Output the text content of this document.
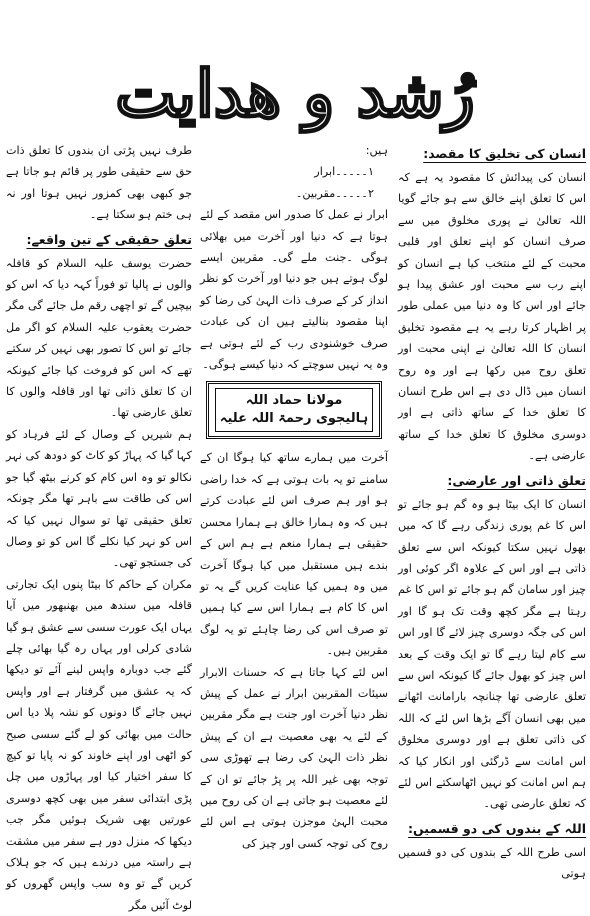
رُشد و ھدایت
انسان کی تخلیق کا مقصد:

انسان کی پیدائش کا مقصود یہ ہے کہ اس کا تعلق اپنے خالق سے ہو جائے گویا اللہ تعالیٰ نے پوری مخلوق میں سے صرف انسان کو اپنے تعلق اور قلبی محبت کے لئے منتخب کیا ہے انسان کو اپنے رب سے محبت اور عشق پیدا ہو جائے اور اس کا وہ دنیا میں عملی طور پر اظہار کرتا رہے یہ ہے مقصود تخلیق انسان کا اللہ تعالیٰ نے اپنی محبت اور تعلق روح میں رکھا ہے اور وہ روح انسان میں ڈال دی ہے اس طرح انسان کا تعلق خدا کے ساتھ ذاتی ہے اور دوسری مخلوق کا تعلق خدا کے ساتھ عارضی ہے۔

تعلق ذاتی اور عارضی:

انسان کا ایک بیٹا ہو وہ گم ہو جائے تو اس کا غم پوری زندگی رہے گا کہ میں بھول نہیں سکتا کیونکہ اس سے تعلق ذاتی ہے اور اس کے علاوہ اگر کوئی اور چیز اور سامان گم ہو جائے تو اس کا غم رہتا ہے مگر کچھ وقت تک ہو گا اور اس کی جگہ دوسری چیز لائے گا اور اس سے کام لیتا رہے گا تو ایک وقت کے بعد اس چیز کو بھول جائے گا کیونکہ اس سے تعلق عارضی تھا چنانچہ بارامانت اٹھانے میں بھی انسان آگے بڑھا اس لئے کہ اللہ کی ذاتی تعلق ہے اور دوسری مخلوق اس امانت سے ڈرگئی اور انکار کیا کہ ہم اس امانت کو نہیں اٹھاسکتے اس لئے کہ تعلق عارضی تھی۔

اللہ کے بندوں کی دو قسمیں:

اسی طرح اللہ کے بندوں کی دو قسمیں ہوتی

ہیں:

۱۔۔۔۔۔ابرار

۲۔۔۔۔۔مقربین۔

ابرار نے عمل کا صدور اس مقصد کے لئے ہوتا ہے کہ دنیا اور آخرت میں بھلائی ہوگی ۔جنت ملے گی۔ مقربین ایسے لوگ ہوتے ہیں جو دنیا اور آخرت کو نظر انداز کر کے صرف ذات الہیٰ کی رضا کو اپنا مقصود بنالیتے ہیں ان کی عبادت صرف خوشنودی رب کے لئے ہوتی ہے وہ یہ نہیں سوچتے کہ دنیا کیسے ہوگی۔

مولانا حماد اللہ ہالیجوی رحمۃ اللہ علیہ

آخرت میں ہمارے ساتھ کیا ہوگا ان کے سامنے تو یہ بات ہوتی ہے کہ خدا راضی ہو اور ہم صرف اس لئے عبادت کرتے ہیں کہ وہ ہمارا خالق ہے ہمارا محسن حقیقی ہے ہمارا منعم ہے ہم اس کے بندے ہیں مستقبل میں کیا ہوگا آخرت میں وہ ہمیں کیا عنایت کریں گے یہ تو اس کا کام ہے ہمارا اس سے کیا ہمیں تو صرف اس کی رضا چاہئے تو یہ لوگ مقربین ہیں۔

اس لئے کہا جاتا ہے کہ حسنات الابرار سیئات المقربین ابرار نے عمل کے پیش نظر دنیا آخرت اور جنت ہے مگر مقربین کے لئے یہ بھی معصیت ہے ان کے پیش نظر ذات الہیٰ کی رضا ہے تھوڑی سی توجہ بھی غیر اللہ پر پڑ جائے تو ان کے لئے معصیت ہو جاتی ہے ان کی روح میں محبت الہیٰ موجزن ہوتی ہے اس لئے روح کی توجہ کسی اور چیز کی

طرف نہیں پڑتی ان بندوں کا تعلق ذات حق سے حقیقی طور پر قائم ہو جاتا ہے جو کبھی بھی کمزور نہیں ہوتا اور نہ ہی ختم ہو سکتا ہے۔

تعلق حقیقی کے تین واقعے:

حضرت یوسف علیہ السلام کو قافلہ والوں نے پالیا تو فوراً کہہ دیا کہ اس کو بیچیں گے تو اچھی رقم مل جائے گی مگر حضرت یعقوب علیہ السلام کو اگر مل جائے تو اس کا تصور بھی نہیں کر سکتے تھے کہ اس کو فروخت کیا جائے کیونکہ ان کا تعلق ذاتی تھا اور قافلہ والوں کا تعلق عارضی تھا۔

ہم شیریں کے وصال کے لئے فرہاد کو کہا گیا کہ پہاڑ کو کاٹ کو دودھ کی نہر نکالو تو وہ اس کام کو کرنے بیٹھ گیا جو اس کی طاقت سے باہر تھا مگر چونکہ تعلق حقیقی تھا تو سوال نہیں کیا کہ اس کو نہر کیا نکلے گا اس کو تو وصال کی جستجو تھی۔

مکران کے حاکم کا بیٹا پنوں ایک تجارتی قافلہ میں سندھ میں بھنبھور میں آیا یہاں ایک عورت سسی سے عشق ہو گیا شادی کرلی اور یہاں رہ گیا بھائی چلے گئے جب دوبارہ واپس لینے آئے تو دیکھا کہ یہ عشق میں گرفتار ہے اور واپس نہیں جائے گا دونوں کو نشہ پلا دیا اس حالت میں بھائی کو لے گئے سسی صبح کو اٹھی اور اپنے خاوند کو نہ پایا تو کیچ کا سفر اختیار کیا اور پہاڑوں میں چل پڑی ابتدائی سفر میں بھی کچھ دوسری عورتیں بھی شریک ہوئیں مگر جب دیکھا کہ منزل دور ہے سفر میں مشقت ہے راستہ میں درندے ہیں کہ جو ہلاک کریں گے تو وہ سب واپس گھروں کو لوٹ آئیں مگر
